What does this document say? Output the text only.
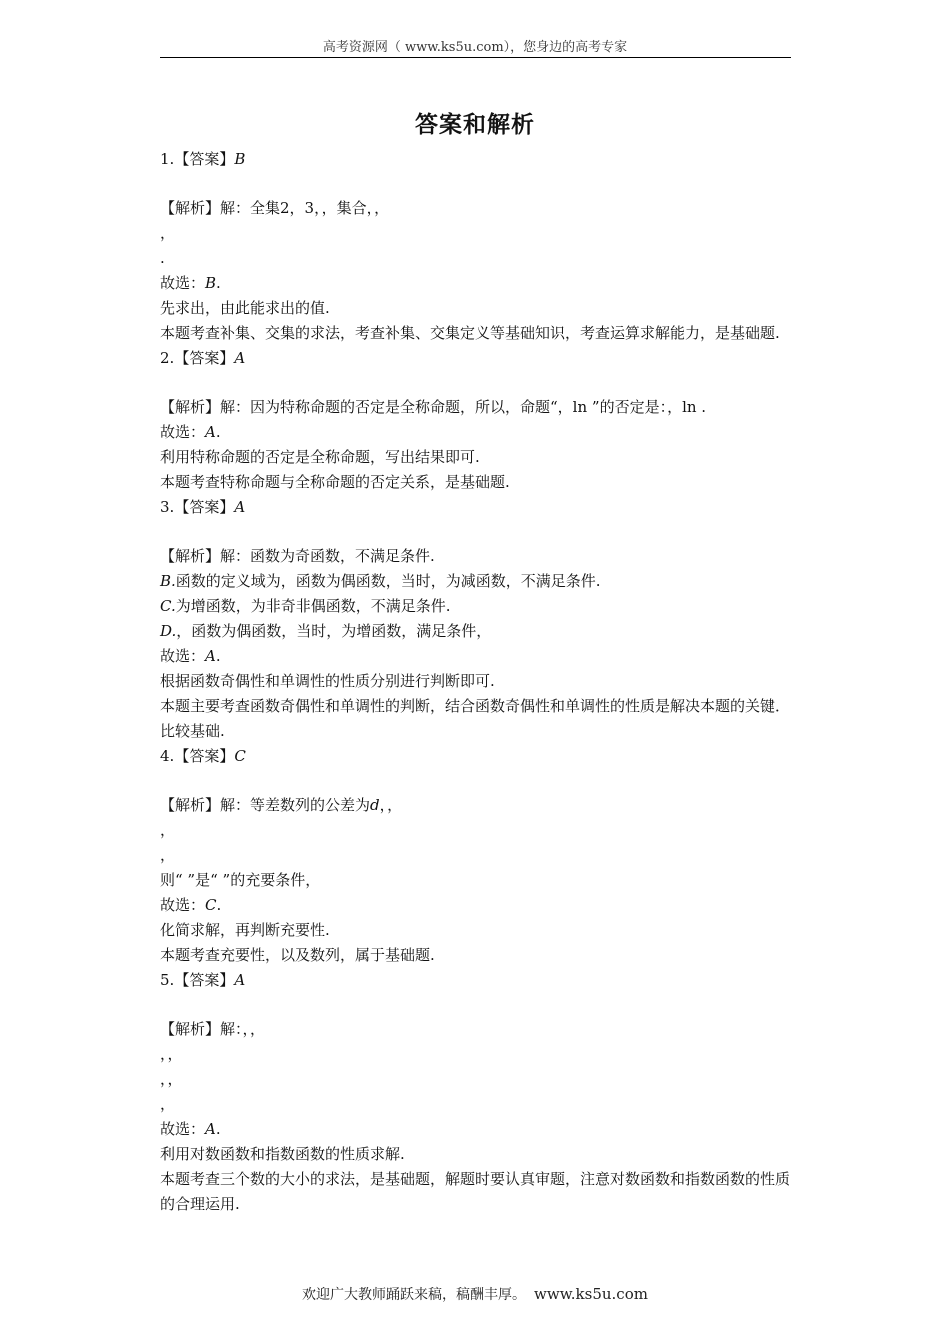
高考资源网（ www.ks5u.com），您身边的高考专家
答案和解析
1.【答案】B
【解析】解：全集2，3，，集合，，
，
.
故选：B.
先求出，由此能求出的值.
本题考查补集、交集的求法，考查补集、交集定义等基础知识，考查运算求解能力，是基础题.
2.【答案】A
【解析】解：因为特称命题的否定是全称命题，所以，命题“，ln ”的否定是：，ln .
故选：A.
利用特称命题的否定是全称命题，写出结果即可.
本题考查特称命题与全称命题的否定关系，是基础题.
3.【答案】A
【解析】解：函数为奇函数，不满足条件.
B.函数的定义域为，函数为偶函数，当时，为减函数，不满足条件.
C.为增函数，为非奇非偶函数，不满足条件.
D.，函数为偶函数，当时，为增函数，满足条件，
故选：A.
根据函数奇偶性和单调性的性质分别进行判断即可.
本题主要考查函数奇偶性和单调性的判断，结合函数奇偶性和单调性的性质是解决本题的关键．比较基础.
4.【答案】C
【解析】解：等差数列的公差为d，，
，
，
则“ ”是“ ”的充要条件，
故选：C.
化简求解，再判断充要性.
本题考查充要性，以及数列，属于基础题.
5.【答案】A
【解析】解：，，
，，
，，
，
故选：A.
利用对数函数和指数函数的性质求解.
本题考查三个数的大小的求法，是基础题，解题时要认真审题，注意对数函数和指数函数的性质的合理运用.
欢迎广大教师踊跃来稿，稿酬丰厚。 www.ks5u.com
